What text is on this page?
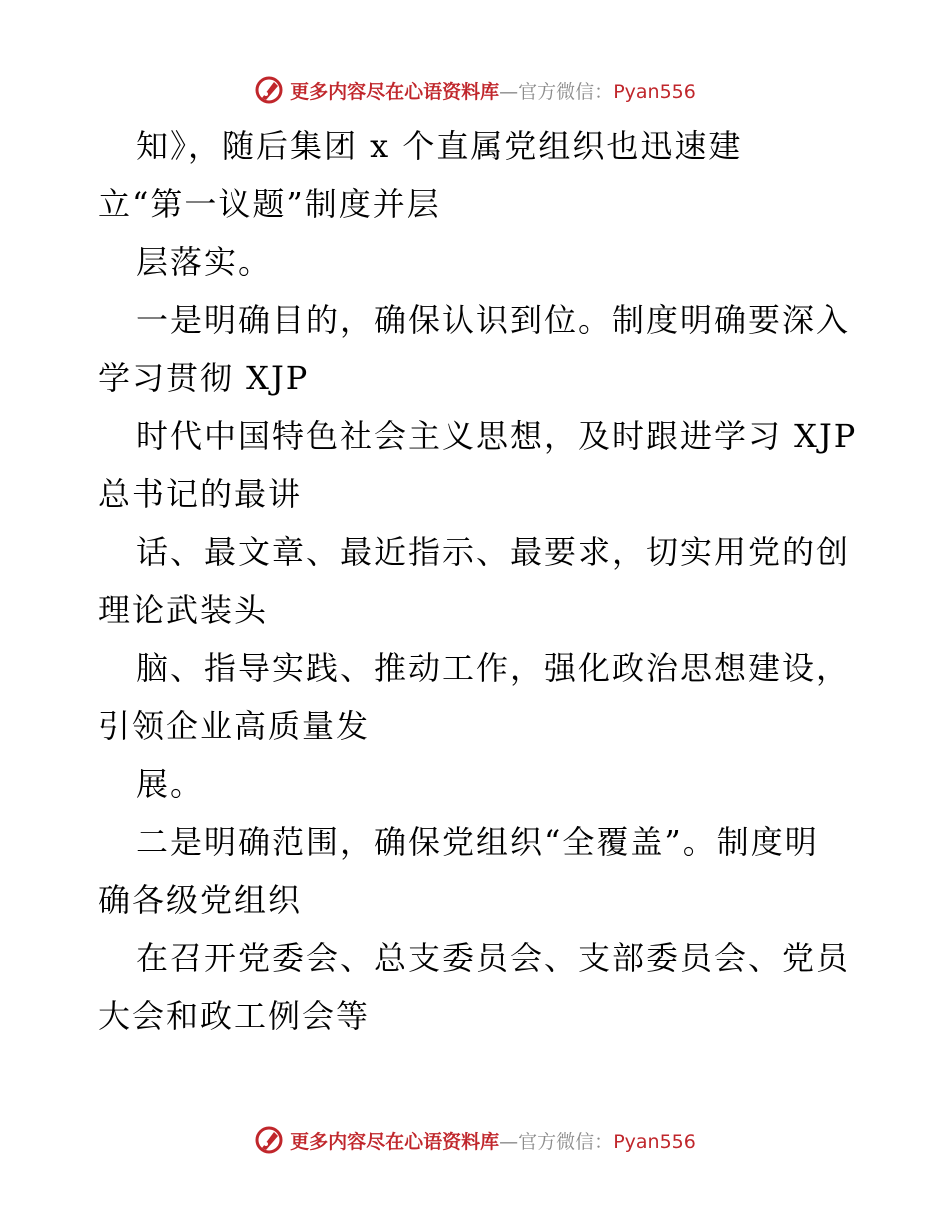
更多内容尽在心语资料库—官方微信：Pyan556
知》，随后集团 x 个直属党组织也迅速建
立“第一议题”制度并层
层落实。
一是明确目的，确保认识到位。制度明确要深入
学习贯彻 XJP
时代中国特色社会主义思想，及时跟进学习 XJP
总书记的最讲
话、最文章、最近指示、最要求，切实用党的创
理论武装头
脑、指导实践、推动工作，强化政治思想建设，
引领企业高质量发
展。
二是明确范围，确保党组织“全覆盖”。制度明
确各级党组织
在召开党委会、总支委员会、支部委员会、党员
大会和政工例会等
更多内容尽在心语资料库—官方微信：Pyan556
